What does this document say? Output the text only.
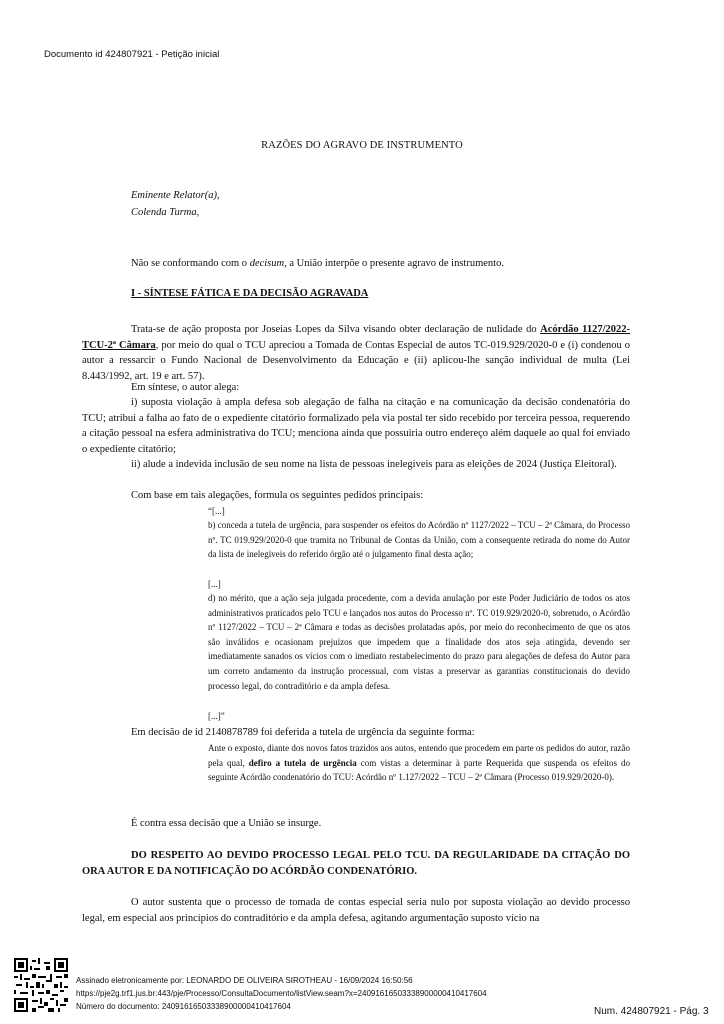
Documento id 424807921 - Petição inicial
RAZÕES DO AGRAVO DE INSTRUMENTO
Eminente Relator(a),
Colenda Turma,
Não se conformando com o decisum, a União interpõe o presente agravo de instrumento.
I - SÍNTESE FÁTICA E DA DECISÃO AGRAVADA
Trata-se de ação proposta por Joseias Lopes da Silva visando obter declaração de nulidade do Acórdão 1127/2022-TCU-2ª Câmara, por meio do qual o TCU apreciou a Tomada de Contas Especial de autos TC-019.929/2020-0 e (i) condenou o autor a ressarcir o Fundo Nacional de Desenvolvimento da Educação e (ii) aplicou-lhe sanção individual de multa (Lei 8.443/1992, art. 19 e art. 57).
Em síntese, o autor alega:
i) suposta violação à ampla defesa sob alegação de falha na citação e na comunicação da decisão condenatória do TCU; atribui a falha ao fato de o expediente citatório formalizado pela via postal ter sido recebido por terceira pessoa, requerendo a citação pessoal na esfera administrativa do TCU; menciona ainda que possuiria outro endereço além daquele ao qual foi enviado o expediente citatório;
ii) alude a indevida inclusão de seu nome na lista de pessoas inelegíveis para as eleições de 2024 (Justiça Eleitoral).
Com base em tais alegações, formula os seguintes pedidos principais:
“[...]
b) conceda a tutela de urgência, para suspender os efeitos do Acórdão nº 1127/2022 – TCU – 2ª Câmara, do Processo nº. TC 019.929/2020-0 que tramita no Tribunal de Contas da União, com a consequente retirada do nome do Autor da lista de inelegíveis do referido órgão até o julgamento final desta ação;
[...]
d) no mérito, que a ação seja julgada procedente, com a devida anulação por este Poder Judiciário de todos os atos administrativos praticados pelo TCU e lançados nos autos do Processo nº. TC 019.929/2020-0, sobretudo, o Acórdão nº 1127/2022 – TCU – 2ª Câmara e todas as decisões prolatadas após, por meio do reconhecimento de que os atos são inválidos e ocasionam prejuízos que impedem que a finalidade dos atos seja atingida, devendo ser imediatamente sanados os vícios com o imediato restabelecimento do prazo para alegações de defesa do Autor para um correto andamento da instrução processual, com vistas a preservar as garantias constitucionais do devido processo legal, do contraditório e da ampla defesa.
[...]”
Em decisão de id 2140878789 foi deferida a tutela de urgência da seguinte forma:
Ante o exposto, diante dos novos fatos trazidos aos autos, entendo que procedem em parte os pedidos do autor, razão pela qual, defiro a tutela de urgência com vistas a determinar à parte Requerida que suspenda os efeitos do seguinte Acórdão condenatório do TCU: Acórdão nº 1.127/2022 – TCU – 2ª Câmara (Processo 019.929/2020-0).
É contra essa decisão que a União se insurge.
DO RESPEITO AO DEVIDO PROCESSO LEGAL PELO TCU. DA REGULARIDADE DA CITAÇÃO DO ORA AUTOR E DA NOTIFICAÇÃO DO ACÓRDÃO CONDENATÓRIO.
O autor sustenta que o processo de tomada de contas especial seria nulo por suposta violação ao devido processo legal, em especial aos princípios do contraditório e da ampla defesa, agitando argumentação suposto vício na
Assinado eletronicamente por: LEONARDO DE OLIVEIRA SIROTHEAU - 16/09/2024 16:50:56
https://pje2g.trf1.jus.br:443/pje/Processo/ConsultaDocumento/listView.seam?x=24091616503338900000410417604
Número do documento: 24091616503338900000410417604	Num. 424807921 - Pág. 3
